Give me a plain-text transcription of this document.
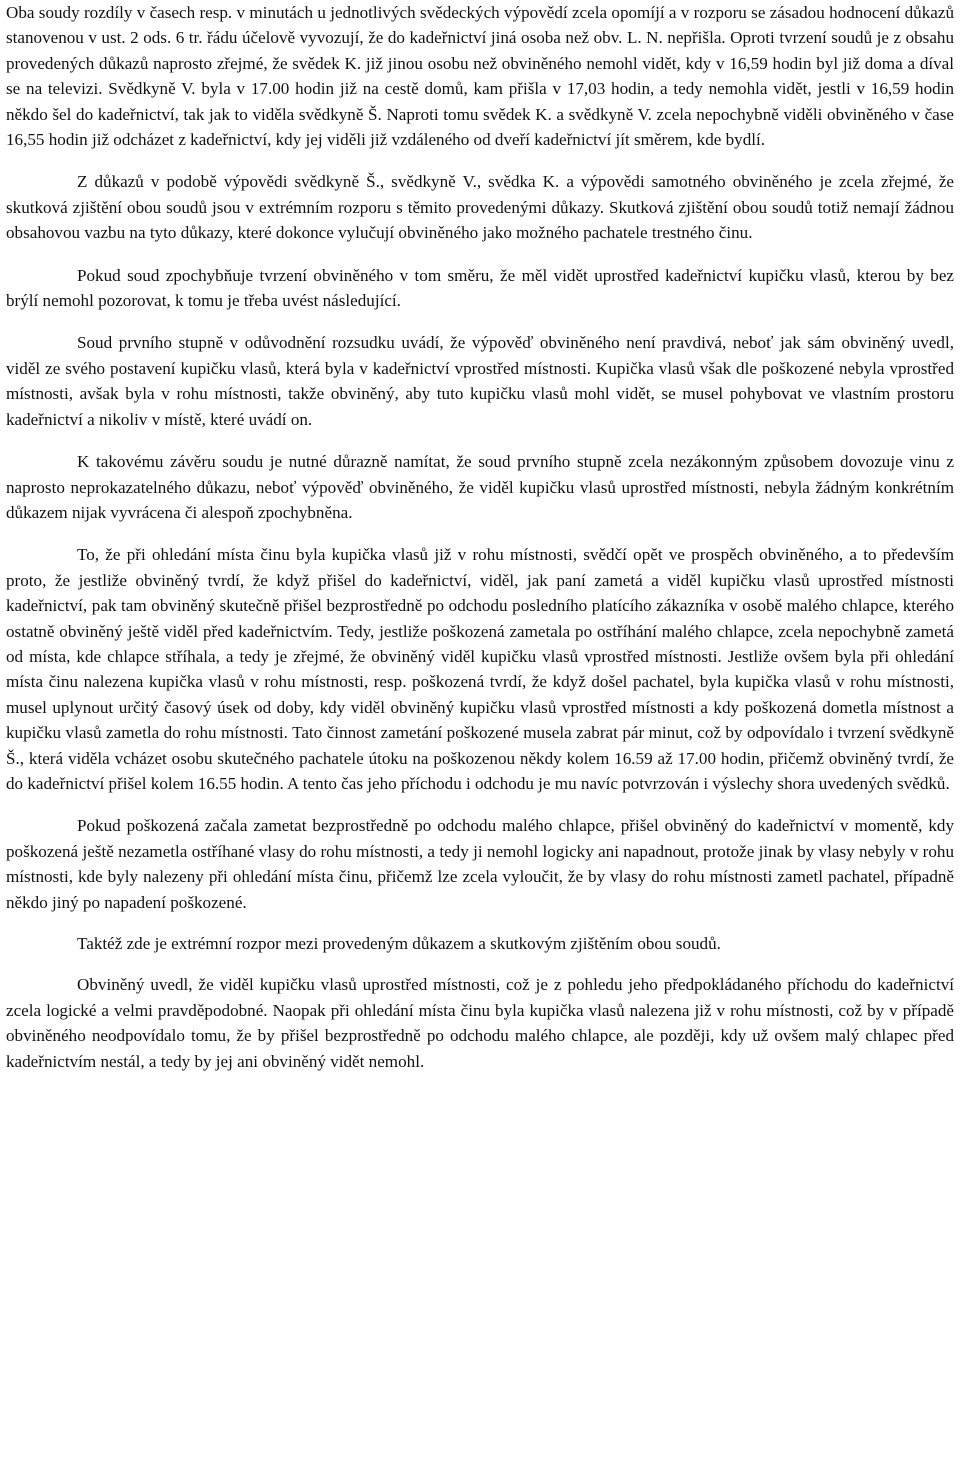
Oba soudy rozdíly v časech resp. v minutách u jednotlivých svědeckých výpovědí zcela opomíjí a v rozporu se zásadou hodnocení důkazů stanovenou v ust. 2 ods. 6 tr. řádu účelově vyvozují, že do kadeřnictví jiná osoba než obv. L. N. nepřišla. Oproti tvrzení soudů je z obsahu provedených důkazů naprosto zřejmé, že svědek K. již jinou osobu než obviněného nemohl vidět, kdy v 16,59 hodin byl již doma a díval se na televizi. Svědkyně V. byla v 17.00 hodin již na cestě domů, kam přišla v 17,03 hodin, a tedy nemohla vidět, jestli v 16,59 hodin někdo šel do kadeřnictví, tak jak to viděla svědkyně Š. Naproti tomu svědek K. a svědkyně V. zcela nepochybně viděli obviněného v čase 16,55 hodin již odcházet z kadeřnictví, kdy jej viděli již vzdáleného od dveří kadeřnictví jít směrem, kde bydlí.

Z důkazů v podobě výpovědi svědkyně Š., svědkyně V., svědka K. a výpovědi samotného obviněného je zcela zřejmé, že skutková zjištění obou soudů jsou v extrémním rozporu s těmito provedenými důkazy. Skutková zjištění obou soudů totiž nemají žádnou obsahovou vazbu na tyto důkazy, které dokonce vylučují obviněného jako možného pachatele trestného činu.

Pokud soud zpochybňuje tvrzení obviněného v tom směru, že měl vidět uprostřed kadeřnictví kupičku vlasů, kterou by bez brýlí nemohl pozorovat, k tomu je třeba uvést následující.

Soud prvního stupně v odůvodnění rozsudku uvádí, že výpověď obviněného není pravdivá, neboť jak sám obviněný uvedl, viděl ze svého postavení kupičku vlasů, která byla v kadeřnictví vprostřed místnosti. Kupička vlasů však dle poškozené nebyla vprostřed místnosti, avšak byla v rohu místnosti, takže obviněný, aby tuto kupičku vlasů mohl vidět, se musel pohybovat ve vlastním prostoru kadeřnictví a nikoliv v místě, které uvádí on.

K takovému závěru soudu je nutné důrazně namítat, že soud prvního stupně zcela nezákonným způsobem dovozuje vinu z naprosto neprokazatelného důkazu, neboť výpověď obviněného, že viděl kupičku vlasů uprostřed místnosti, nebyla žádným konkrétním důkazem nijak vyvrácena či alespoň zpochybněna.

To, že při ohledání místa činu byla kupička vlasů již v rohu místnosti, svědčí opět ve prospěch obviněného, a to především proto, že jestliže obviněný tvrdí, že když přišel do kadeřnictví, viděl, jak paní zametá a viděl kupičku vlasů uprostřed místnosti kadeřnictví, pak tam obviněný skutečně přišel bezprostředně po odchodu posledního platícího zákazníka v osobě malého chlapce, kterého ostatně obviněný ještě viděl před kadeřnictvím. Tedy, jestliže poškozená zametala po ostříhání malého chlapce, zcela nepochybně zametá od místa, kde chlapce stříhala, a tedy je zřejmé, že obviněný viděl kupičku vlasů vprostřed místnosti. Jestliže ovšem byla při ohledání místa činu nalezena kupička vlasů v rohu místnosti, resp. poškozená tvrdí, že když došel pachatel, byla kupička vlasů v rohu místnosti, musel uplynout určitý časový úsek od doby, kdy viděl obviněný kupičku vlasů vprostřed místnosti a kdy poškozená dometla místnost a kupičku vlasů zametla do rohu místnosti. Tato činnost zametání poškozené musela zabrat pár minut, což by odpovídalo i tvrzení svědkyně Š., která viděla vcházet osobu skutečného pachatele útoku na poškozenou někdy kolem 16.59 až 17.00 hodin, přičemž obviněný tvrdí, že do kadeřnictví přišel kolem 16.55 hodin. A tento čas jeho příchodu i odchodu je mu navíc potvrzován i výslechy shora uvedených svědků.

Pokud poškozená začala zametat bezprostředně po odchodu malého chlapce, přišel obviněný do kadeřnictví v momentě, kdy poškozená ještě nezametla ostříhané vlasy do rohu místnosti, a tedy ji nemohl logicky ani napadnout, protože jinak by vlasy nebyly v rohu místnosti, kde byly nalezeny při ohledání místa činu, přičemž lze zcela vyloučit, že by vlasy do rohu místnosti zametl pachatel, případně někdo jiný po napadení poškozené.

Taktéž zde je extrémní rozpor mezi provedeným důkazem a skutkovým zjištěním obou soudů.

Obviněný uvedl, že viděl kupičku vlasů uprostřed místnosti, což je z pohledu jeho předpokládaného příchodu do kadeřnictví zcela logické a velmi pravděpodobné. Naopak při ohledání místa činu byla kupička vlasů nalezena již v rohu místnosti, což by v případě obviněného neodpovídalo tomu, že by přišel bezprostředně po odchodu malého chlapce, ale později, kdy už ovšem malý chlapec před kadeřnictvím nestál, a tedy by jej ani obviněný vidět nemohl.
